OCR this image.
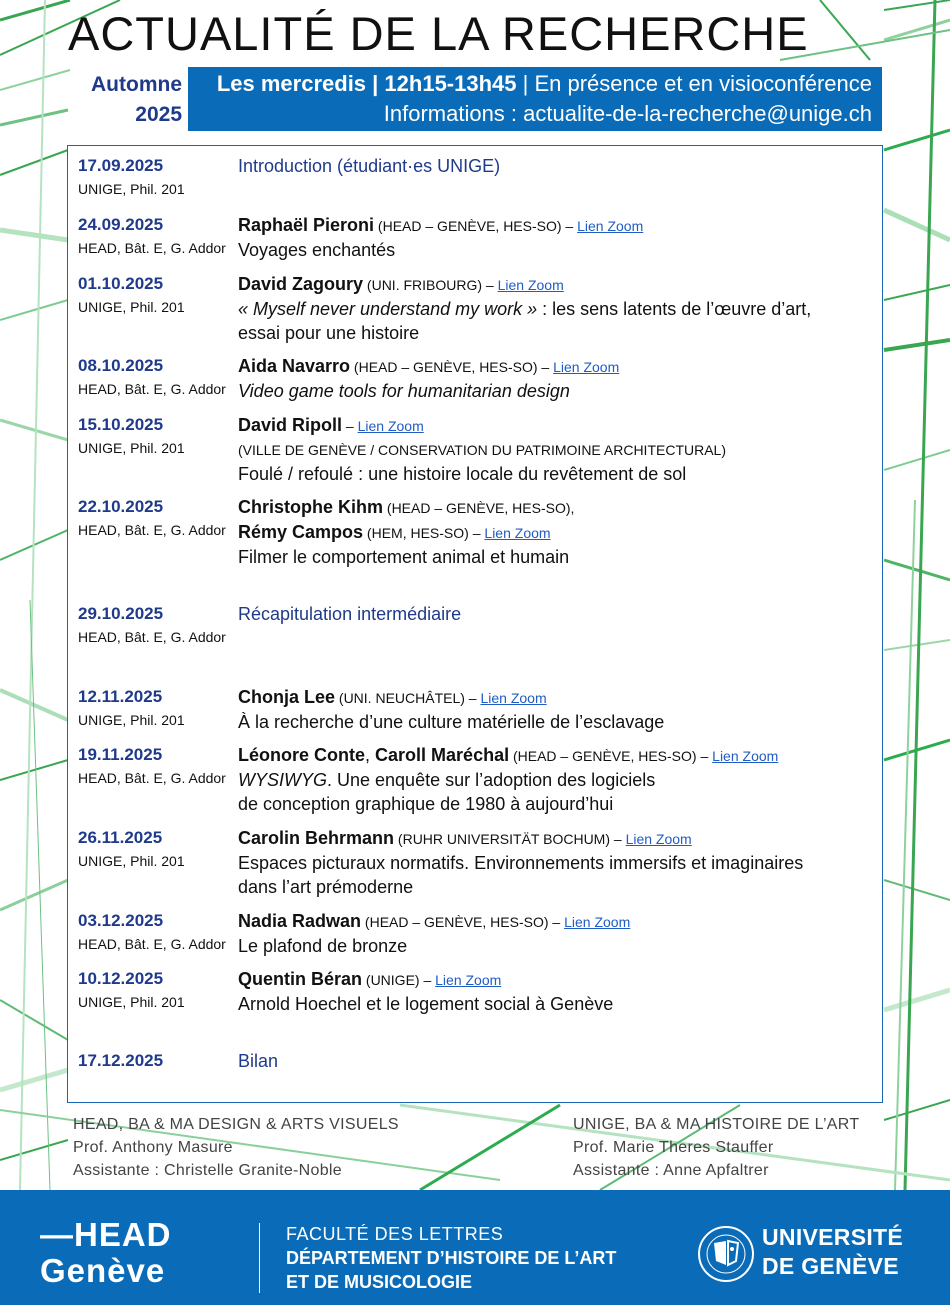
ACTUALITÉ DE LA RECHERCHE
Automne
2025
Les mercredis | 12h15-13h45 | En présence et en visioconférence
Informations : actualite-de-la-recherche@unige.ch
17.09.2025
UNIGE, Phil. 201
Introduction (étudiant·es UNIGE)
24.09.2025
HEAD, Bât. E, G. Addor
Raphaël Pieroni (HEAD – GENÈVE, HES-SO) – Lien Zoom
Voyages enchantés
01.10.2025
UNIGE, Phil. 201
David Zagoury (UNI. FRIBOURG) – Lien Zoom
« Myself never understand my work » : les sens latents de l’œuvre d’art,
essai pour une histoire
08.10.2025
HEAD, Bât. E, G. Addor
Aida Navarro (HEAD – GENÈVE, HES-SO) – Lien Zoom
Video game tools for humanitarian design
15.10.2025
UNIGE, Phil. 201
David Ripoll – Lien Zoom
(VILLE DE GENÈVE / CONSERVATION DU PATRIMOINE ARCHITECTURAL)
Foulé / refoulé : une histoire locale du revêtement de sol
22.10.2025
HEAD, Bât. E, G. Addor
Christophe Kihm (HEAD – GENÈVE, HES-SO),
Rémy Campos (HEM, HES-SO) – Lien Zoom
Filmer le comportement animal et humain
29.10.2025
HEAD, Bât. E, G. Addor
Récapitulation intermédiaire
12.11.2025
UNIGE, Phil. 201
Chonja Lee (UNI. NEUCHÂTEL) – Lien Zoom
À la recherche d’une culture matérielle de l’esclavage
19.11.2025
HEAD, Bât. E, G. Addor
Léonore Conte, Caroll Maréchal (HEAD – GENÈVE, HES-SO) – Lien Zoom
WYSIWYG. Une enquête sur l’adoption des logiciels
de conception graphique de 1980 à aujourd’hui
26.11.2025
UNIGE, Phil. 201
Carolin Behrmann (RUHR UNIVERSITÄT BOCHUM) – Lien Zoom
Espaces picturaux normatifs. Environnements immersifs et imaginaires
dans l’art prémoderne
03.12.2025
HEAD, Bât. E, G. Addor
Nadia Radwan (HEAD – GENÈVE, HES-SO) – Lien Zoom
Le plafond de bronze
10.12.2025
UNIGE, Phil. 201
Quentin Béran (UNIGE) – Lien Zoom
Arnold Hoechel et le logement social à Genève
17.12.2025	Bilan
HEAD, BA & MA DESIGN & ARTS VISUELS
Prof. Anthony Masure
Assistante : Christelle Granite-Noble
UNIGE, BA & MA HISTOIRE DE L’ART
Prof. Marie Theres Stauffer
Assistante : Anne Apfaltrer
—HEAD
Genève
FACULTÉ DES LETTRES
DÉPARTEMENT D’HISTOIRE DE L’ART
ET DE MUSICOLOGIE
UNIVERSITÉ
DE GENÈVE
